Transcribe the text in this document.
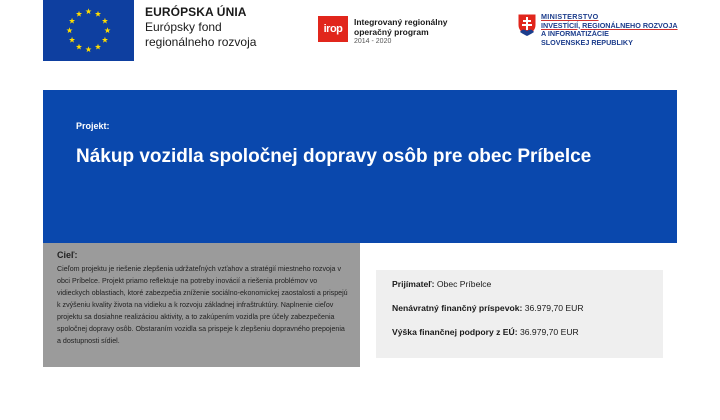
EURÓPSKA ÚNIA
Európsky fond
regionálneho rozvoja
irop
Integrovaný regionálny
operačný program
2014 - 2020
MINISTERSTVO
INVESTÍCIÍ, REGIONÁLNEHO ROZVOJA
A INFORMATIZÁCIE
SLOVENSKEJ REPUBLIKY
Projekt:
Nákup vozidla spoločnej dopravy osôb pre obec Príbelce
Cieľ:
Cieľom projektu je riešenie zlepšenia udržateľných vzťahov a stratégií miestneho rozvoja v obci Príbelce. Projekt priamo reflektuje na potreby inovácií a riešenia problémov vo vidieckych oblastiach, ktoré zabezpečia zníženie sociálno-ekonomickej zaostalosti a prispejú k zvýšeniu kvality života na vidieku a k rozvoju základnej infraštruktúry. Naplnenie cieľov projektu sa dosiahne realizáciou aktivity, a to zakúpením vozidla pre účely zabezpečenia spoločnej dopravy osôb. Obstaraním vozidla sa prispeje k zlepšeniu dopravného prepojenia a dostupnosti sídiel.
Prijímateľ: Obec Príbelce
Nenávratný finančný príspevok: 36.979,70 EUR
Výška finančnej podpory z EÚ: 36.979,70 EUR
